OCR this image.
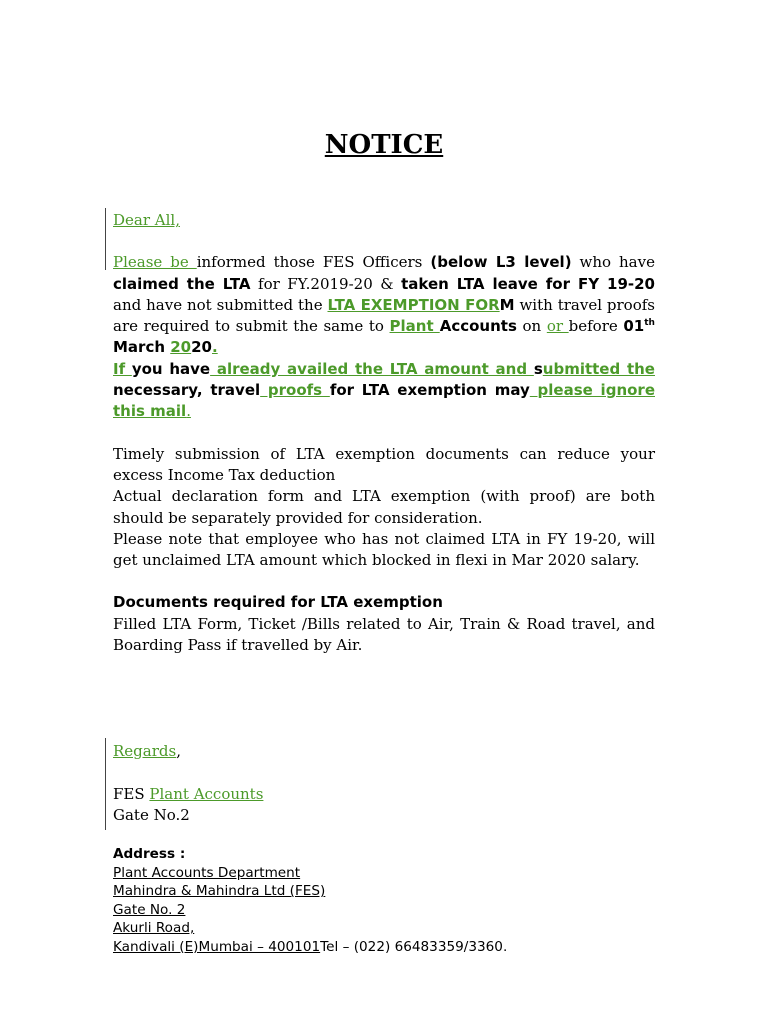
NOTICE

Dear All,

Please be informed those FES Officers (below L3 level) who have claimed the LTA for FY.2019-20 & taken LTA leave for FY 19-20 and have not submitted the LTA EXEMPTION FORM with travel proofs are required to submit the same to Plant Accounts on or before 01th March 2020.

If you have already availed the LTA amount and submitted the necessary, travel proofs for LTA exemption may please ignore this mail.

Timely submission of LTA exemption documents can reduce your excess Income Tax deduction

Actual declaration form and LTA exemption (with proof) are both should be separately provided for consideration.

Please note that employee who has not claimed LTA in FY 19-20, will get unclaimed LTA amount which blocked in flexi in Mar 2020 salary.

Documents required for LTA exemption

Filled LTA Form, Ticket /Bills related to Air, Train & Road travel, and Boarding Pass if travelled by Air.

Regards,

FES Plant Accounts

Gate No.2

Address :
Plant Accounts Department
Mahindra & Mahindra Ltd (FES)
Gate No. 2
Akurli Road,
Kandivali (E)Mumbai – 400101Tel – (022) 66483359/3360.
